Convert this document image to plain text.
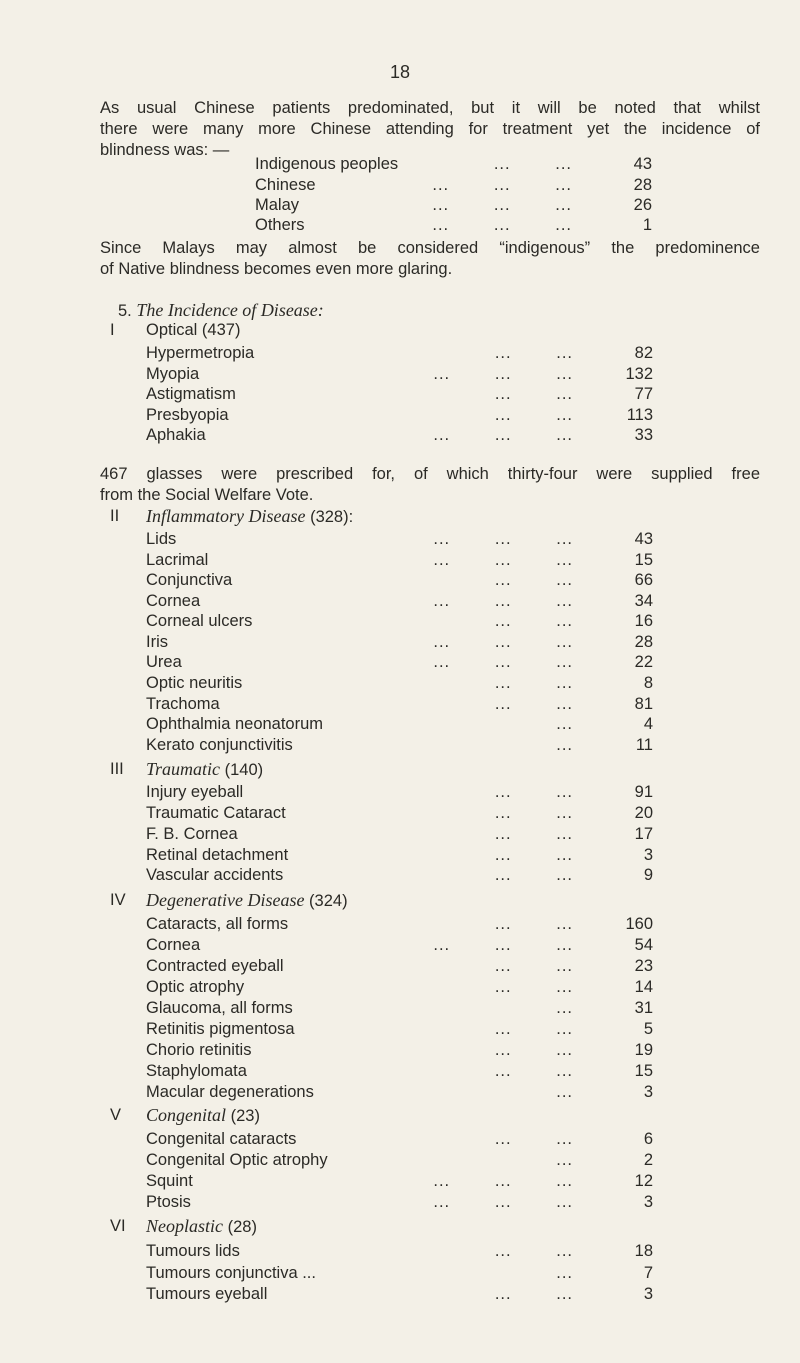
18

As usual Chinese patients predominated, but it will be noted that whilst
there were many more Chinese attending for treatment yet the incidence of
blindness was: —

Indigenous peoples	...        ...	43
Chinese	...        ...        ...	28
Malay	...        ...        ...	26
Others	...        ...        ...	1

Since Malays may almost be considered “indigenous” the predominence
of Native blindness becomes even more glaring.

5. The Incidence of Disease:
I Optical (437)
Hypermetropia	...        ...	82
Myopia	...        ...        ...	132
Astigmatism	...        ...	77
Presbyopia	...        ...	113
Aphakia	...        ...        ...	33
II Inflammatory Disease (328):
Lids	...        ...        ...	43
Lacrimal	...        ...        ...	15
Conjunctiva	...        ...	66
Cornea	...        ...        ...	34
Corneal ulcers	...        ...	16
Iris	...        ...        ...	28
Urea	...        ...        ...	22
Optic neuritis	...        ...	8
Trachoma	...        ...	81
Ophthalmia neonatorum	...	4
Kerato conjunctivitis	...	11
III Traumatic (140)
Injury eyeball	...        ...	91
Traumatic Cataract	...        ...	20
F. B. Cornea	...        ...	17
Retinal detachment	...        ...	3
Vascular accidents	...        ...	9
IV Degenerative Disease (324)
Cataracts, all forms	...        ...	160
Cornea	...        ...        ...	54
Contracted eyeball	...        ...	23
Optic atrophy	...        ...	14
Glaucoma, all forms	...	31
Retinitis pigmentosa	...        ...	5
Chorio retinitis	...        ...	19
Staphylomata	...        ...	15
Macular degenerations	...	3
V Congenital (23)
Congenital cataracts	...        ...	6
Congenital Optic atrophy	...	2
Squint	...        ...        ...	12
Ptosis	...        ...        ...	3
VI Neoplastic (28)
Tumours lids	...        ...	18
Tumours conjunctiva ...	...	7
Tumours eyeball	...        ...	3

467 glasses were prescribed for, of which thirty-four were supplied free
from the Social Welfare Vote.
